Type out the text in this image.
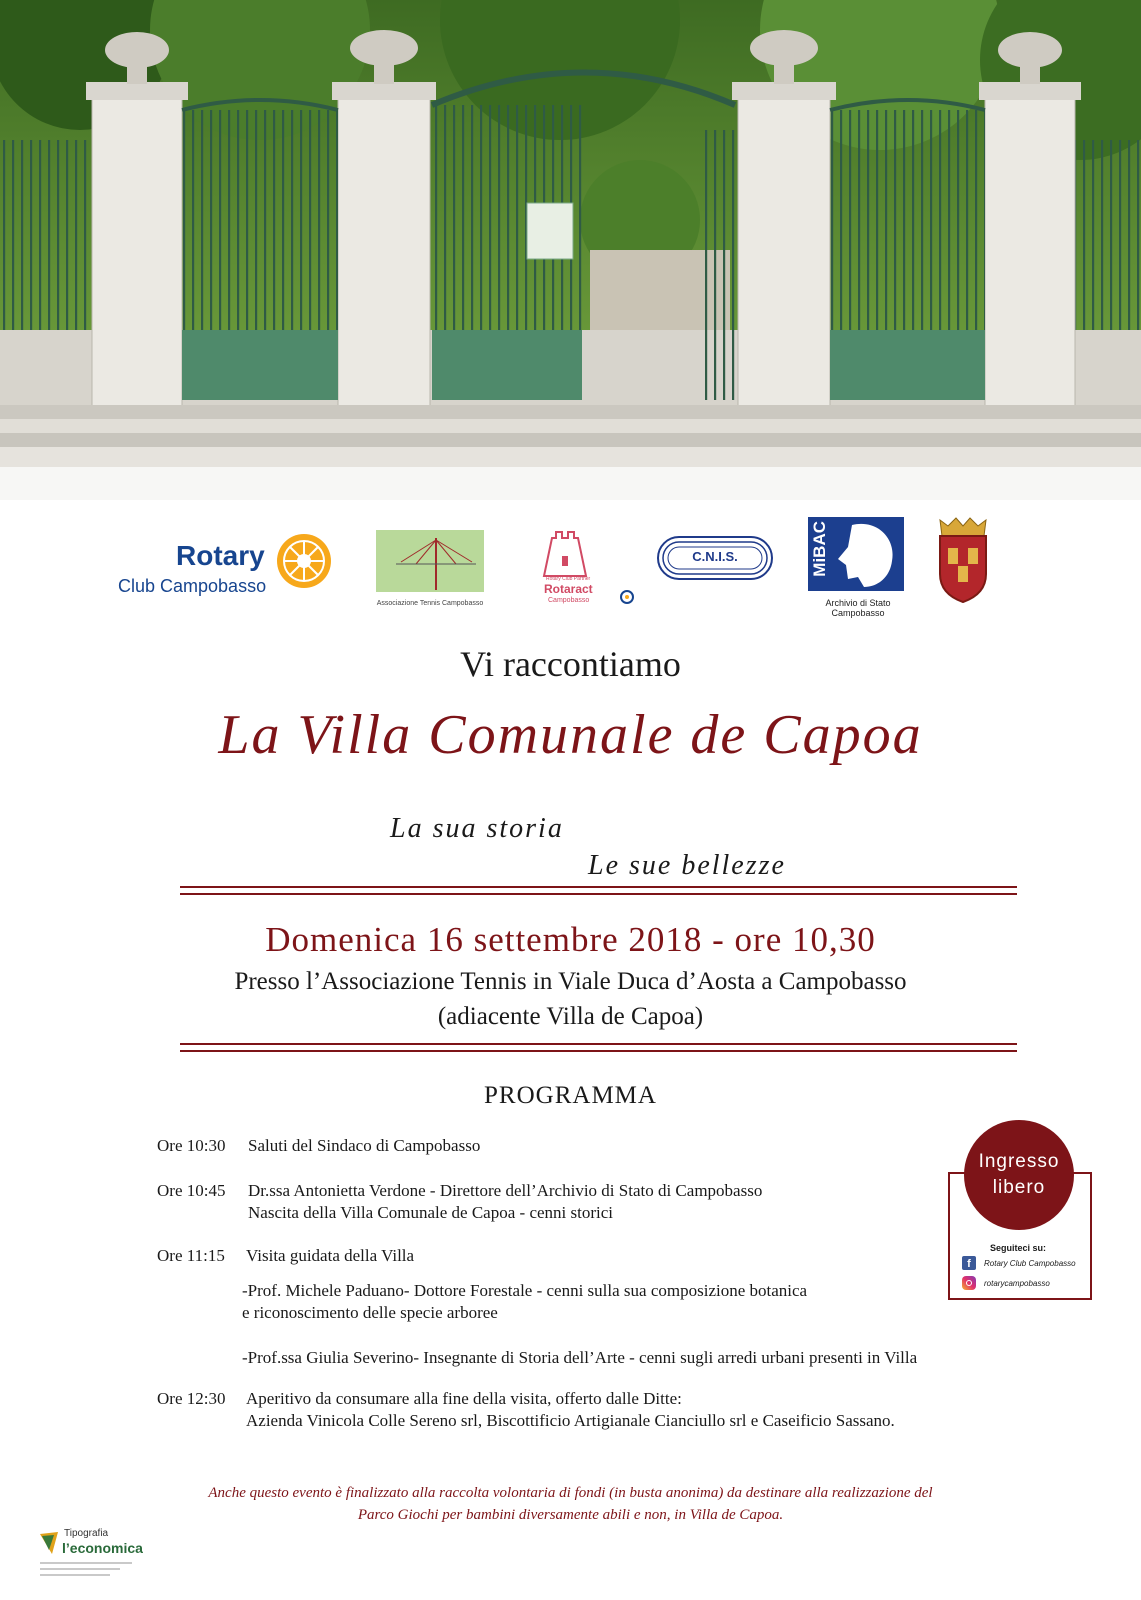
Rotary
Club Campobasso
Associazione Tennis Campobasso
Rotary Club Partner
Rotaract
Campobasso
C.N.I.S.	MiBAC
Archivio di Stato
Campobasso
Vi raccontiamo
La Villa Comunale de Capoa
La sua storia
Le sue bellezze
Domenica 16 settembre 2018 - ore 10,30
Presso l’Associazione Tennis in Viale Duca d’Aosta a Campobasso
(adiacente Villa de Capoa)
PROGRAMMA
Ore 10:30 Saluti del Sindaco di Campobasso
Ore 10:45 Dr.ssa Antonietta Verdone - Direttore dell’Archivio di Stato di Campobasso
Nascita della Villa Comunale de Capoa - cenni storici
Ore 11:15 Visita guidata della Villa
-Prof. Michele Paduano- Dottore Forestale - cenni sulla sua composizione botanica
e riconoscimento delle specie arboree
-Prof.ssa Giulia Severino- Insegnante di Storia dell’Arte - cenni sugli arredi urbani presenti in Villa
Ore 12:30 Aperitivo da consumare alla fine della visita, offerto dalle Ditte:
Azienda Vinicola Colle Sereno srl, Biscottificio Artigianale Cianciullo srl e Caseificio Sassano.
Ingresso
libero
Seguiteci su:
f	Rotary Club Campobasso
rotarycampobasso
Anche questo evento è finalizzato alla raccolta volontaria di fondi (in busta anonima) da destinare alla realizzazione del
Parco Giochi per bambini diversamente abili e non, in Villa de Capoa.
Tipografia
l’economica
